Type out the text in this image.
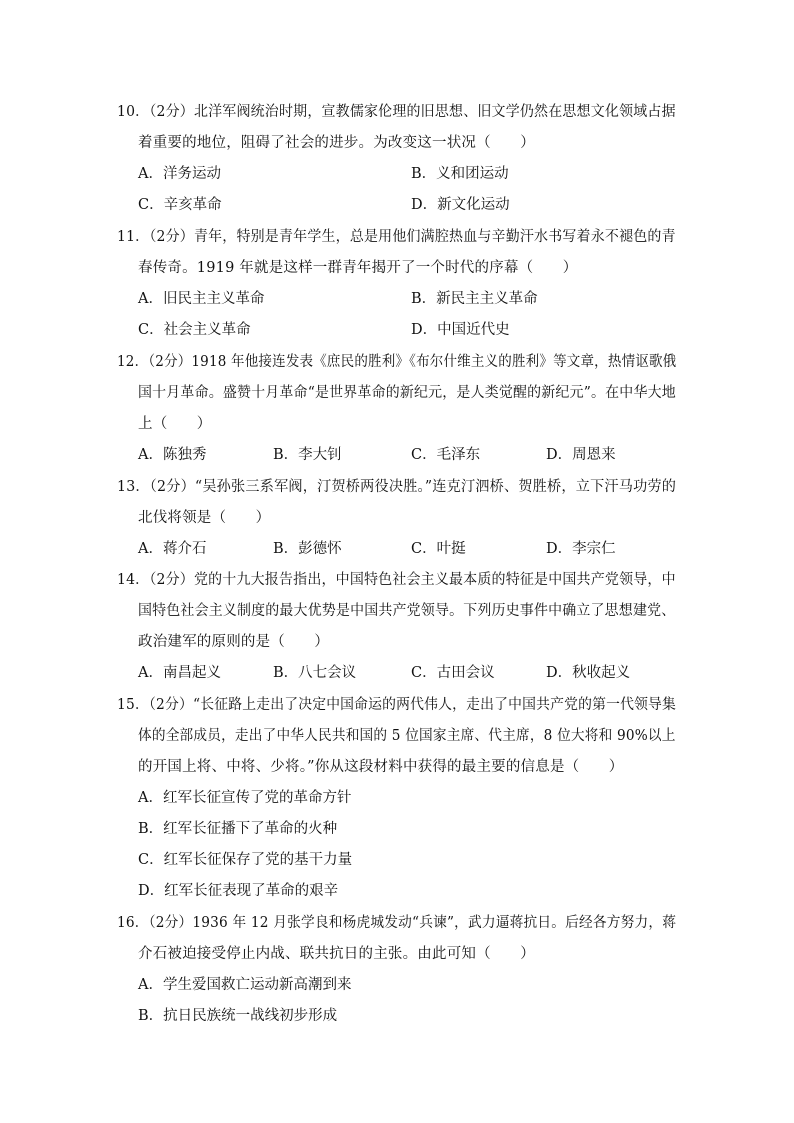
10．（2分）北洋军阀统治时期，宣教儒家伦理的旧思想、旧文学仍然在思想文化领域占据
着重要的地位，阻碍了社会的进步。为改变这一状况（　　）
A．洋务运动	B．义和团运动
C．辛亥革命	D．新文化运动
11．（2分）青年，特别是青年学生，总是用他们满腔热血与辛勤汗水书写着永不褪色的青
春传奇。1919 年就是这样一群青年揭开了一个时代的序幕（　　）
A．旧民主主义革命	B．新民主主义革命
C．社会主义革命	D．中国近代史
12．（2分）1918 年他接连发表《庶民的胜利》《布尔什维主义的胜利》等文章，热情讴歌俄
国十月革命。盛赞十月革命“是世界革命的新纪元，是人类觉醒的新纪元”。在中华大地
上（　　）
A．陈独秀	B．李大钊	C．毛泽东	D．周恩来
13．（2分）“吴孙张三系军阀，汀贺桥两役决胜。”连克汀泗桥、贺胜桥，立下汗马功劳的
北伐将领是（　　）
A．蒋介石	B．彭德怀	C．叶挺	D．李宗仁
14．（2分）党的十九大报告指出，中国特色社会主义最本质的特征是中国共产党领导，中
国特色社会主义制度的最大优势是中国共产党领导。下列历史事件中确立了思想建党、
政治建军的原则的是（　　）
A．南昌起义	B．八七会议	C．古田会议	D．秋收起义
15．（2分）“长征路上走出了决定中国命运的两代伟人，走出了中国共产党的第一代领导集
体的全部成员，走出了中华人民共和国的 5 位国家主席、代主席，8 位大将和 90%以上
的开国上将、中将、少将。”你从这段材料中获得的最主要的信息是（　　）
A．红军长征宣传了党的革命方针
B．红军长征播下了革命的火种
C．红军长征保存了党的基干力量
D．红军长征表现了革命的艰辛
16．（2分）1936 年 12 月张学良和杨虎城发动“兵谏”，武力逼蒋抗日。后经各方努力，蒋
介石被迫接受停止内战、联共抗日的主张。由此可知（　　）
A．学生爱国救亡运动新高潮到来
B．抗日民族统一战线初步形成
